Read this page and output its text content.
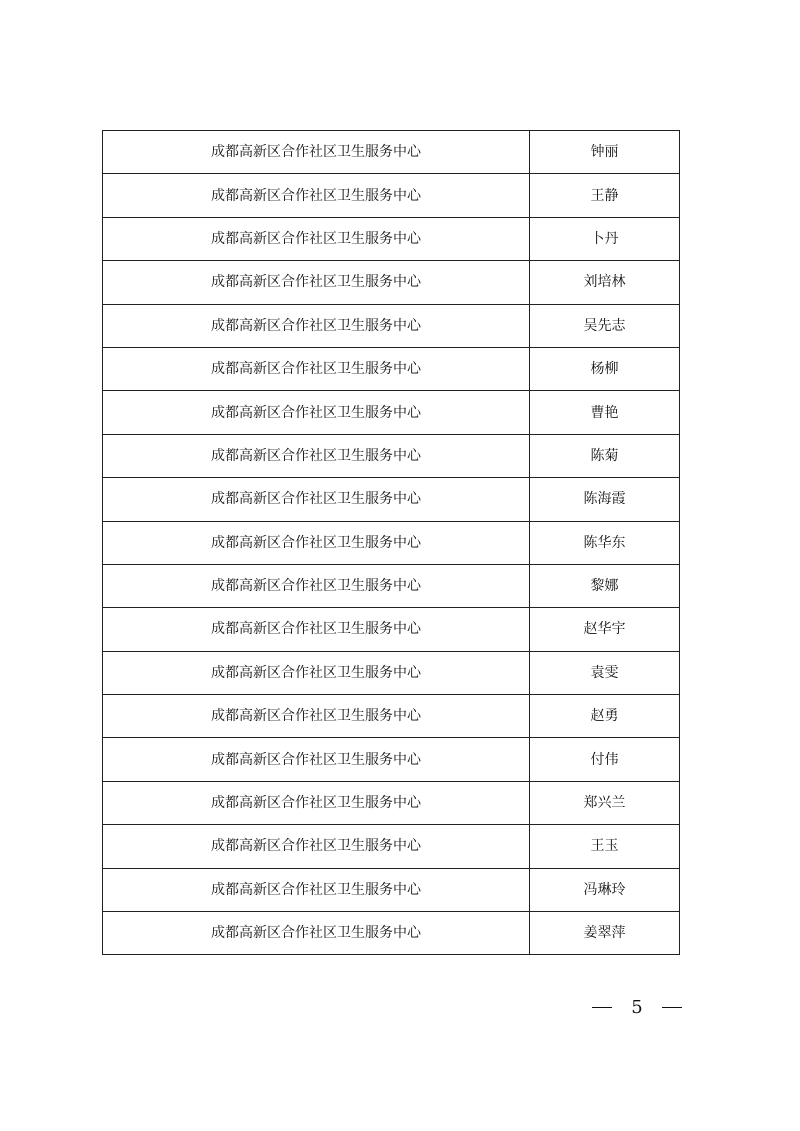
成都高新区合作社区卫生服务中心	钟丽
成都高新区合作社区卫生服务中心	王静
成都高新区合作社区卫生服务中心	卜丹
成都高新区合作社区卫生服务中心	刘培林
成都高新区合作社区卫生服务中心	吴先志
成都高新区合作社区卫生服务中心	杨柳
成都高新区合作社区卫生服务中心	曹艳
成都高新区合作社区卫生服务中心	陈菊
成都高新区合作社区卫生服务中心	陈海霞
成都高新区合作社区卫生服务中心	陈华东
成都高新区合作社区卫生服务中心	黎娜
成都高新区合作社区卫生服务中心	赵华宇
成都高新区合作社区卫生服务中心	袁雯
成都高新区合作社区卫生服务中心	赵勇
成都高新区合作社区卫生服务中心	付伟
成都高新区合作社区卫生服务中心	郑兴兰
成都高新区合作社区卫生服务中心	王玉
成都高新区合作社区卫生服务中心	冯琳玲
成都高新区合作社区卫生服务中心	姜翠萍
5
